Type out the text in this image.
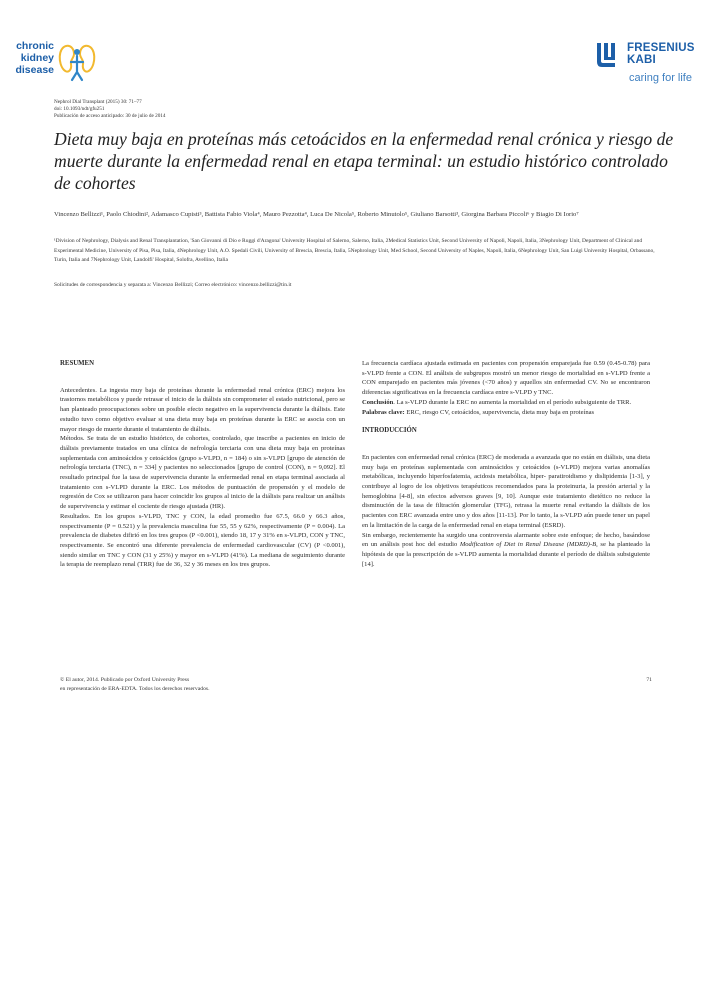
chronic
kidney
disease
FRESENIUS
KABI
caring for life
Nephrol Dial Transplant (2015) 30: 71–77
doi: 10.1093/ndt/gfu251
Publicación de acceso anticipado: 30 de julio de 2014
Dieta muy baja en proteínas más cetoácidos en la enfermedad renal crónica y riesgo de muerte durante la enfermedad renal en etapa terminal: un estudio histórico controlado de cohortes
Vincenzo Bellizzi¹, Paolo Chiodini², Adamasco Cupisti³, Battista Fabio Viola⁴, Mauro Pezzotta⁴, Luca De Nicola⁵, Roberto Minutolo⁵, Giuliano Barsotti³, Giorgina Barbara Piccoli⁶ y Biagio Di Iorio⁷
¹Division of Nephrology, Dialysis and Renal Transplantation, 'San Giovanni di Dio e Ruggi d'Aragona' University Hospital of Salerno, Salerno, Italia, 2Medical Statistics Unit, Second University of Napoli, Napoli, Italia, 3Nephrology Unit, Department of Clinical and Experimental Medicine, University of Pisa, Pisa, Italia, 4Nephrology Unit, A.O. Spedali Civili, University of Brescia, Brescia, Italia, 5Nephrology Unit, Med School, Second University of Naples, Napoli, Italia, 6Nephrology Unit, San Luigi University Hospital, Orbassano, Turin, Italia and 7Nephrology Unit, Landolfi' Hospital, Solofra, Avellino, Italia
Solicitudes de correspondencia y separata a: Vincenzo Bellizzi; Correo electrónico: vincenzo.bellizzi@tin.it

RESUMEN

Antecedentes. La ingesta muy baja de proteínas durante la enfermedad renal crónica (ERC) mejora los trastornos metabólicos y puede retrasar el inicio de la diálisis sin comprometer el estado nutricional, pero se han planteado preocupaciones sobre un posible efecto negativo en la supervivencia durante la diálisis. Este estudio tuvo como objetivo evaluar si una dieta muy baja en proteínas durante la ERC se asocia con un mayor riesgo de muerte durante el tratamiento de diálisis.

Métodos. Se trata de un estudio histórico, de cohortes, controlado, que inscribe a pacientes en inicio de diálisis previamente tratados en una clínica de nefrología terciaria con una dieta muy baja en proteínas suplementada con aminoácidos y cetoácidos (grupo s-VLPD, n = 184) o sin s-VLPD [grupo de atención de nefrología terciaria (TNC), n = 334] y pacientes no seleccionados [grupo de control (CON), n = 9,092]. El resultado principal fue la tasa de supervivencia durante la enfermedad renal en etapa terminal asociada al tratamiento con s-VLPD durante la ERC. Los métodos de puntuación de propensión y el modelo de regresión de Cox se utilizaron para hacer coincidir los grupos al inicio de la diálisis para realizar un análisis de supervivencia y estimar el cociente de riesgo ajustada (HR).

Resultados. En los grupos s-VLPD, TNC y CON, la edad promedio fue 67.5, 66.0 y 66.3 años, respectivamente (P = 0.521) y la prevalencia masculina fue 55, 55 y 62%, respectivamente (P = 0.004). La prevalencia de diabetes difirió en los tres grupos (P <0.001), siendo 18, 17 y 31% en s-VLPD, CON y TNC, respectivamente. Se encontró una diferente prevalencia de enfermedad cardiovascular (CV) (P <0.001), siendo similar en TNC y CON (31 y 25%) y mayor en s-VLPD (41%). La mediana de seguimiento durante la terapia de reemplazo renal (TRR) fue de 36, 32 y 36 meses en los tres grupos.

La frecuencia cardíaca ajustada estimada en pacientes con propensión emparejada fue 0.59 (0.45-0.78) para s-VLPD frente a CON. El análisis de subgrupos mostró un menor riesgo de mortalidad en s-VLPD frente a CON emparejado en pacientes más jóvenes (<70 años) y aquellos sin enfermedad CV. No se encontraron diferencias significativas en la frecuencia cardíaca entre s-VLPD y TNC.

Conclusión. La s-VLPD durante la ERC no aumenta la mortalidad en el período subsiguiente de TRR.

Palabras clave: ERC, riesgo CV, cetoácidos, supervivencia, dieta muy baja en proteínas

INTRODUCCIÓN

En pacientes con enfermedad renal crónica (ERC) de moderada a avanzada que no están en diálisis, una dieta muy baja en proteínas suplementada con aminoácidos y cetoácidos (s-VLPD) mejora varias anomalías metabólicas, incluyendo hiperfosfatemia, acidosis metabólica, hiper- paratiroidismo y dislipidemia [1-3], y contribuye al logro de los objetivos terapéuticos recomendados para la proteinuria, la presión arterial y la hemoglobina [4-8], sin efectos adversos graves [9, 10]. Aunque este tratamiento dietético no reduce la disminución de la tasa de filtración glomerular (TFG), retrasa la muerte renal evitando la diálisis de los pacientes con ERC avanzada entre uno y dos años [11-13]. Por lo tanto, la s-VLPD aún puede tener un papel en la limitación de la carga de la enfermedad renal en etapa terminal (ESRD).

Sin embargo, recientemente ha surgido una controversia alarmante sobre este enfoque; de hecho, basándose en un análisis post hoc del estudio Modification of Diet in Renal Disease (MDRD)-B, se ha planteado la hipótesis de que la prescripción de s-VLPD aumenta la mortalidad durante el período de diálisis subsiguiente [14].

© El autor, 2014. Publicado por Oxford University Press
en representación de ERA-EDTA. Todos los derechos reservados.
71
